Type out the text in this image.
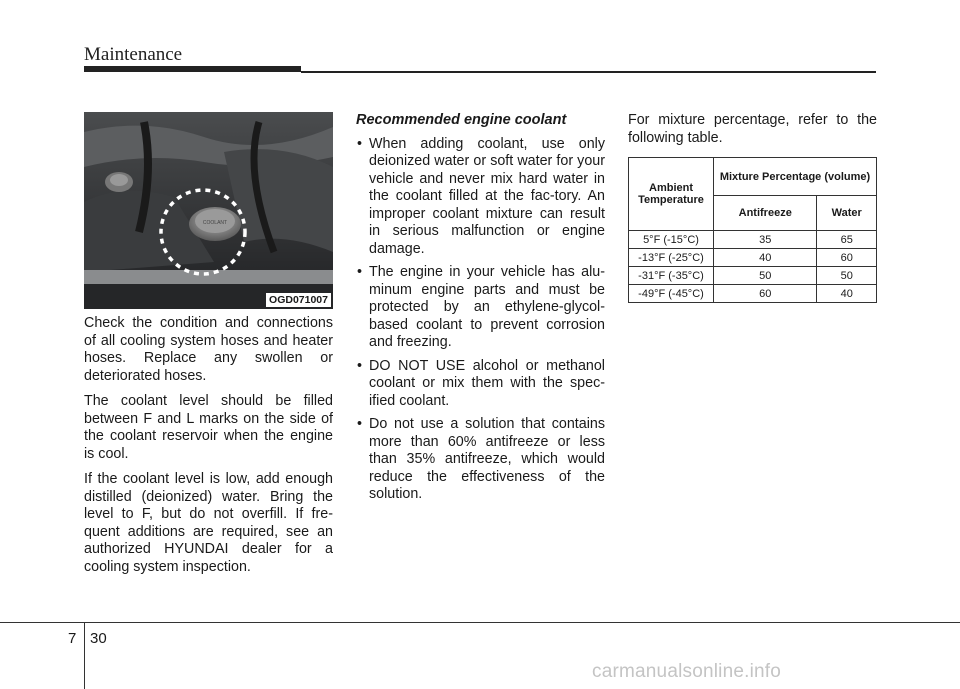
Maintenance
COOLANT
OGD071007

Check the condition and connections of all cooling system hoses and heater hoses. Replace any swollen or deteriorated hoses.

The coolant level should be filled between F and L marks on the side of the coolant reservoir when the engine is cool.

If the coolant level is low, add enough distilled (deionized) water. Bring the level to F, but do not overfill. If fre-quent additions are required, see an authorized HYUNDAI dealer for a cooling system inspection.

Recommended engine coolant
• When adding coolant, use only deionized water or soft water for your vehicle and never mix hard water in the coolant filled at the fac-tory. An improper coolant mixture can result in serious malfunction or engine damage.
• The engine in your vehicle has alu-minum engine parts and must be protected by an ethylene-glycol-based coolant to prevent corrosion and freezing.
• DO NOT USE alcohol or methanol coolant or mix them with the spec-ified coolant.
• Do not use a solution that contains more than 60% antifreeze or less than 35% antifreeze, which would reduce the effectiveness of the solution.

For mixture percentage, refer to the following table.

Ambient Temperature	Mixture Percentage (volume)	
	Antifreeze	Water
5°F (-15°C)	35	65
-13°F (-25°C)	40	60
-31°F (-35°C)	50	50
-49°F (-45°C)	60	40
7 30
carmanualsonline.info
